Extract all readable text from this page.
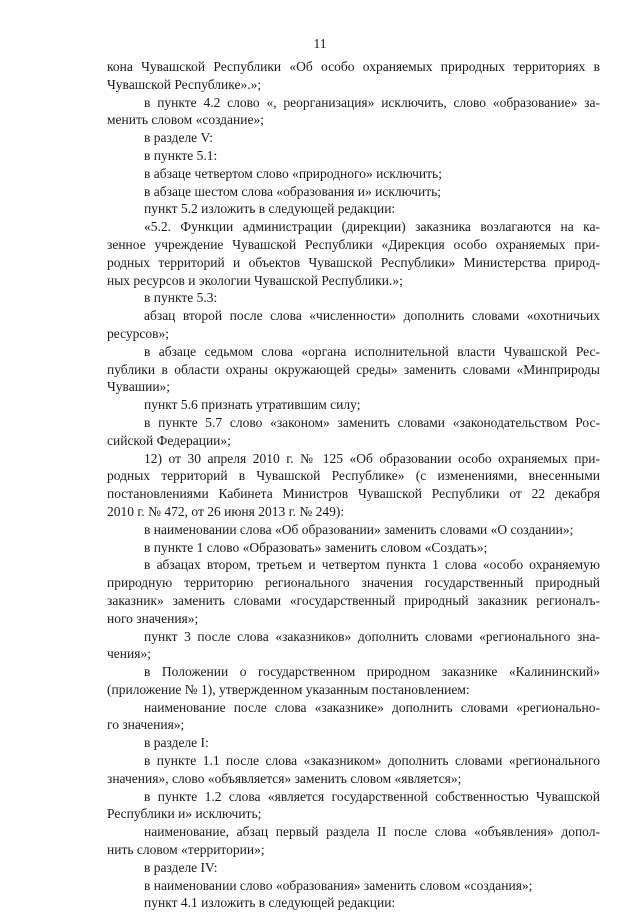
11

кона Чувашской Республики «Об особо охраняемых природных территориях в

Чувашской Республике».»;

в пункте 4.2 слово «, реорганизация» исключить, слово «образование» за-

менить словом «создание»;

в разделе V:

в пункте 5.1:

в абзаце четвертом слово «природного» исключить;

в абзаце шестом слова «образования и» исключить;

пункт 5.2 изложить в следующей редакции:

«5.2. Функции администрации (дирекции) заказника возлагаются на ка-

зенное учреждение Чувашской Республики «Дирекция особо охраняемых при-

родных территорий и объектов Чувашской Республики» Министерства природ-

ных ресурсов и экологии Чувашской Республики.»;

в пункте 5.3:

абзац второй после слова «численности» дополнить словами «охотничьих

ресурсов»;

в абзаце седьмом слова «органа исполнительной власти Чувашской Рес-

публики в области охраны окружающей среды» заменить словами «Минприроды

Чувашии»;

пункт 5.6 признать утратившим силу;

в пункте 5.7 слово «законом» заменить словами «законодательством Рос-

сийской Федерации»;

12) от 30 апреля 2010 г. № 125 «Об образовании особо охраняемых при-

родных территорий в Чувашской Республике» (с изменениями, внесенными

постановлениями Кабинета Министров Чувашской Республики от 22 декабря

2010 г. № 472, от 26 июня 2013 г. № 249):

в наименовании слова «Об образовании» заменить словами «О создании»;

в пункте 1 слово «Образовать» заменить словом «Создать»;

в абзацах втором, третьем и четвертом пункта 1 слова «особо охраняемую

природную территорию регионального значения государственный природный

заказник» заменить словами «государственный природный заказник регионалъ-

ного значения»;

пункт 3 после слова «заказников» дополнить словами «регионального зна-

чения»;

в Положении о государственном природном заказнике «Калининский»

(приложение № 1), утвержденном указанным постановлением:

наименование после слова «заказнике» дополнить словами «регионально-

го значения»;

в разделе I:

в пункте 1.1 после слова «заказником» дополнить словами «регионального

значения», слово «объявляется» заменить словом «является»;

в пункте 1.2 слова «является государственной собственностью Чувашской

Республики и» исключить;

наименование, абзац первый раздела II после слова «объявления» допол-

нить словом «территории»;

в разделе IV:

в наименовании слово «образования» заменить словом «создания»;

пункт 4.1 изложить в следующей редакции:
